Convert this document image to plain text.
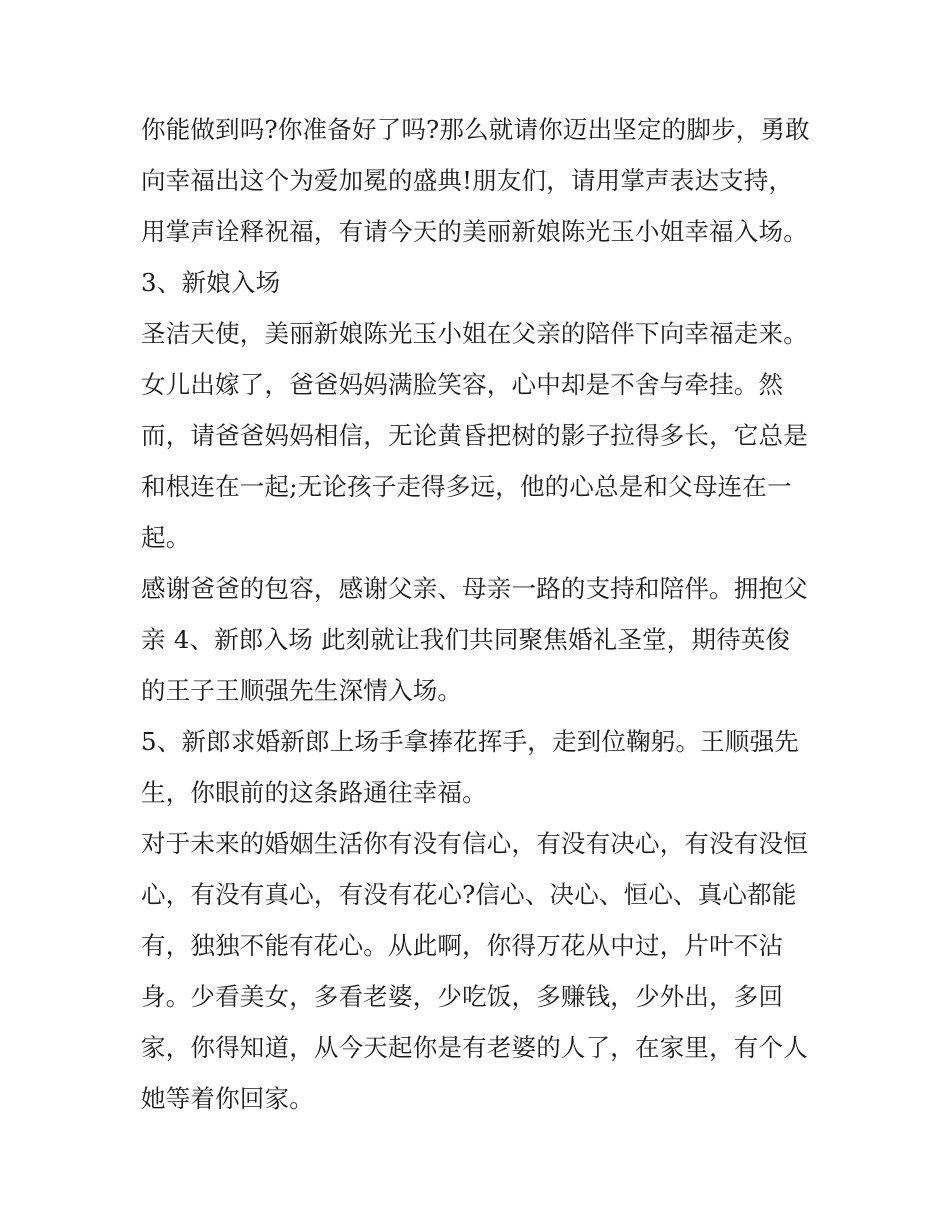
你能做到吗?你准备好了吗?那么就请你迈出坚定的脚步，勇敢
向幸福出这个为爱加冕的盛典!朋友们，请用掌声表达支持，
用掌声诠释祝福，有请今天的美丽新娘陈光玉小姐幸福入场。
3、新娘入场
圣洁天使，美丽新娘陈光玉小姐在父亲的陪伴下向幸福走来。
女儿出嫁了，爸爸妈妈满脸笑容，心中却是不舍与牵挂。然
而，请爸爸妈妈相信，无论黄昏把树的影子拉得多长，它总是
和根连在一起;无论孩子走得多远，他的心总是和父母连在一
起。
感谢爸爸的包容，感谢父亲、母亲一路的支持和陪伴。拥抱父
亲 4、新郎入场 此刻就让我们共同聚焦婚礼圣堂，期待英俊
的王子王顺强先生深情入场。
5、新郎求婚新郎上场手拿捧花挥手，走到位鞠躬。王顺强先
生，你眼前的这条路通往幸福。
对于未来的婚姻生活你有没有信心，有没有决心，有没有没恒
心，有没有真心，有没有花心?信心、决心、恒心、真心都能
有，独独不能有花心。从此啊，你得万花从中过，片叶不沾
身。少看美女，多看老婆，少吃饭，多赚钱，少外出，多回
家，你得知道，从今天起你是有老婆的人了，在家里，有个人
她等着你回家。
